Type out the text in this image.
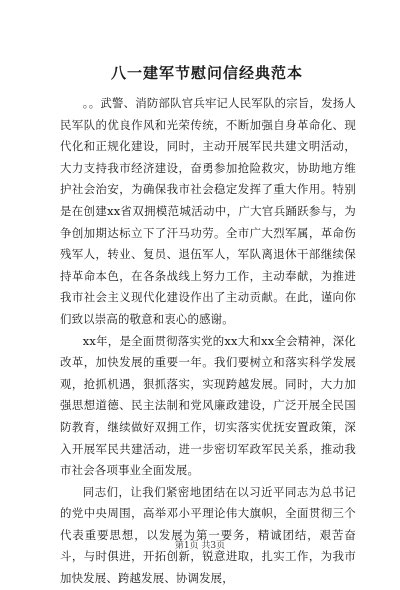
八一建军节慰问信经典范本

。。武警、消防部队官兵牢记人民军队的宗旨，发扬人民军队的优良作风和光荣传统，不断加强自身革命化、现代化和正规化建设，同时，主动开展军民共建文明活动，大力支持我市经济建设，奋勇参加抢险救灾，协助地方维护社会治安，为确保我市社会稳定发挥了重大作用。特别是在创建xx省双拥模范城活动中，广大官兵踊跃参与，为争创加期达标立下了汗马功劳。全市广大烈军属，革命伤残军人，转业、复员、退伍军人，军队离退休干部继续保持革命本色，在各条战线上努力工作，主动奉献，为推进我市社会主义现代化建设作出了主动贡献。在此，谨向你们致以崇高的敬意和衷心的感谢。

xx年，是全面贯彻落实党的xx大和xx全会精神，深化改革，加快发展的重要一年。我们要树立和落实科学发展观，抢抓机遇，狠抓落实，实现跨越发展。同时，大力加强思想道德、民主法制和党风廉政建设，广泛开展全民国防教育，继续做好双拥工作，切实落实优抚安置政策，深入开展军民共建活动，进一步密切军政军民关系，推动我市社会各项事业全面发展。

同志们，让我们紧密地团结在以习近平同志为总书记的党中央周围，高举邓小平理论伟大旗帜，全面贯彻三个代表重要思想，以发展为第一要务，精诚团结，艰苦奋斗，与时俱进，开拓创新，锐意进取，扎实工作，为我市加快发展、跨越发展、协调发展，

第1页 共3页
